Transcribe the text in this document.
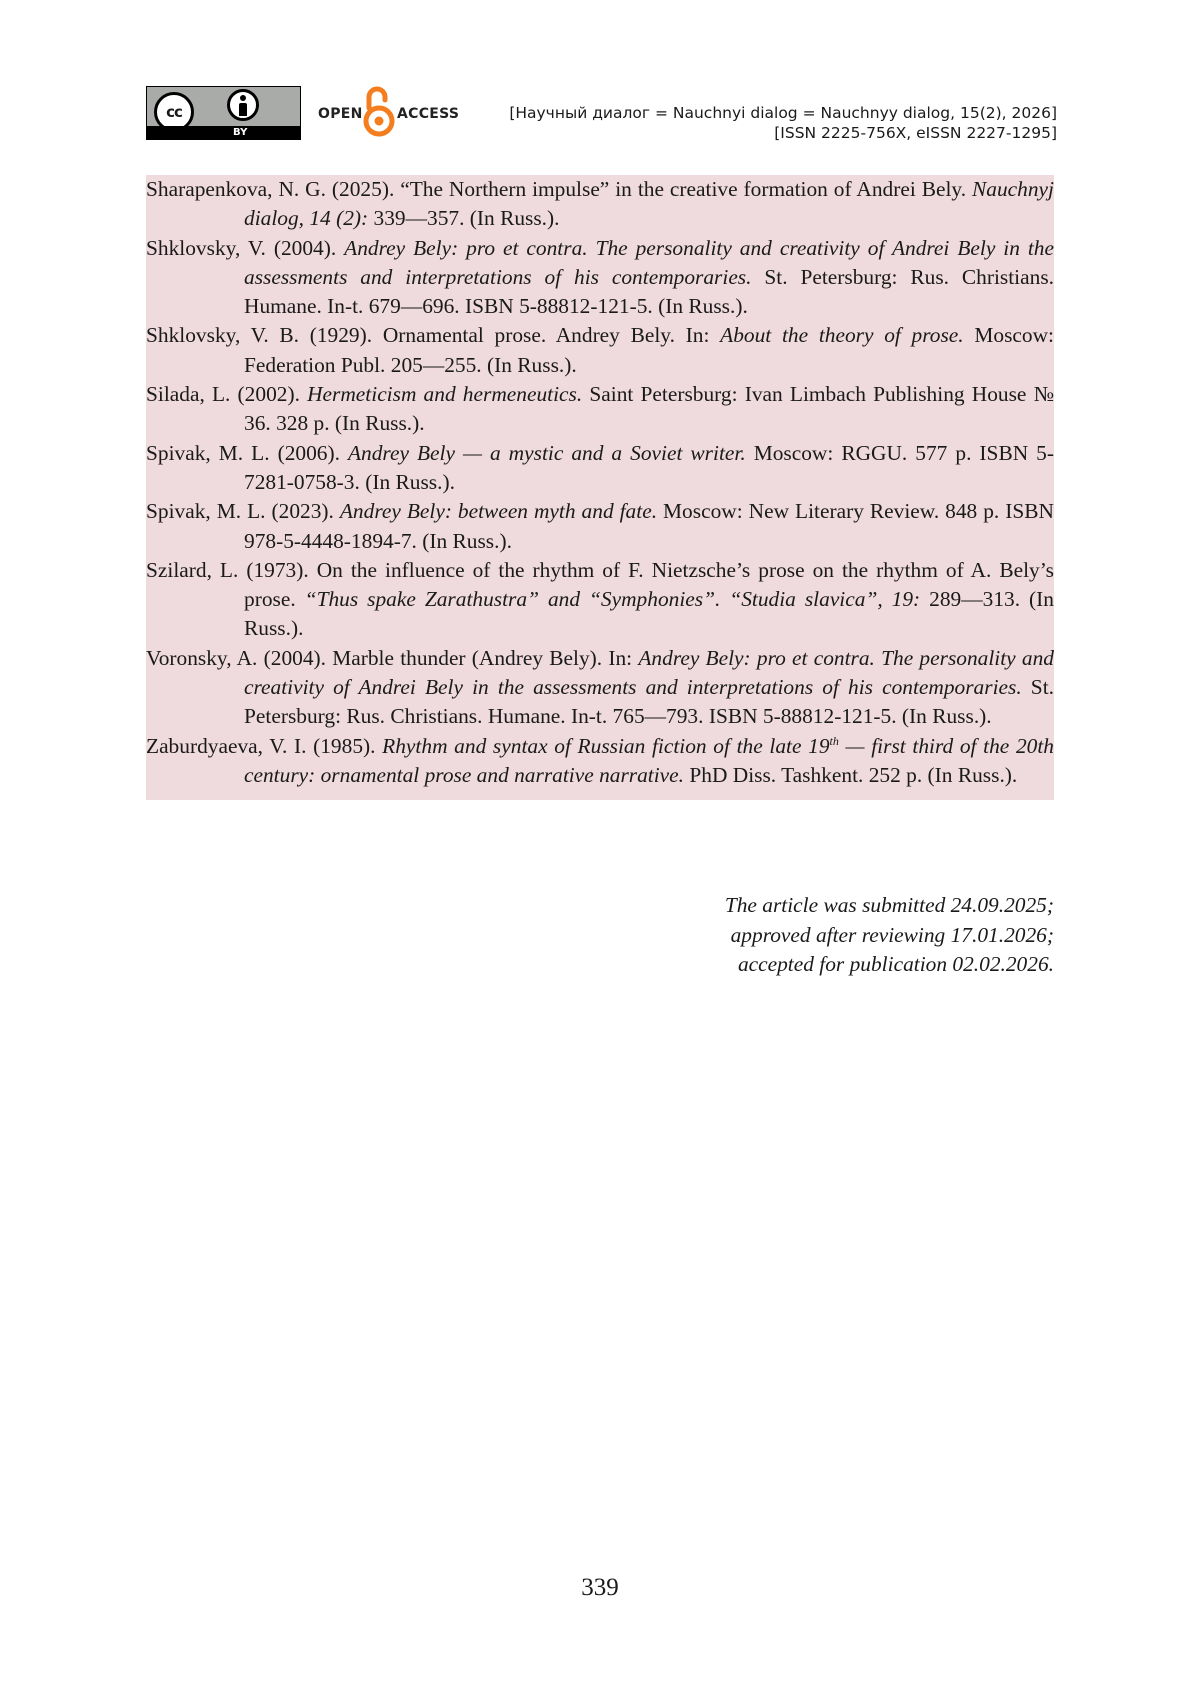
cc
BY
OPEN ACCESS	[Научный диалог = Nauchnyi dialog = Nauchnyy dialog, 15(2), 2026]
[ISSN 2225-756X, eISSN 2227-1295]
Sharapenkova, N. G. (2025). “The Northern impulse” in the creative formation of Andrei Bely. Nauchnyj dialog, 14 (2): 339—357. (In Russ.).
Shklovsky, V. (2004). Andrey Bely: pro et contra. The personality and creativity of Andrei Bely in the assessments and interpretations of his contemporaries. St. Petersburg: Rus. Christians. Humane. In-t. 679—696. ISBN 5-88812-121-5. (In Russ.).
Shklovsky, V. B. (1929). Ornamental prose. Andrey Bely. In: About the theory of prose. Moscow: Federation Publ. 205—255. (In Russ.).
Silada, L. (2002). Hermeticism and hermeneutics. Saint Petersburg: Ivan Limbach Publishing House № 36. 328 p. (In Russ.).
Spivak, M. L. (2006). Andrey Bely — a mystic and a Soviet writer. Moscow: RGGU. 577 p. ISBN 5-7281-0758-3. (In Russ.).
Spivak, M. L. (2023). Andrey Bely: between myth and fate. Moscow: New Literary Review. 848 p. ISBN 978-5-4448-1894-7. (In Russ.).
Szilard, L. (1973). On the influence of the rhythm of F. Nietzsche’s prose on the rhythm of A. Bely’s prose. “Thus spake Zarathustra” and “Symphonies”. “Studia slavica”, 19: 289—313. (In Russ.).
Voronsky, A. (2004). Marble thunder (Andrey Bely). In: Andrey Bely: pro et contra. The personality and creativity of Andrei Bely in the assessments and interpretations of his contemporaries. St. Petersburg: Rus. Christians. Humane. In-t. 765—793. ISBN 5-88812-121-5. (In Russ.).
Zaburdyaeva, V. I. (1985). Rhythm and syntax of Russian fiction of the late 19th — first third of the 20th century: ornamental prose and narrative narrative. PhD Diss. Tashkent. 252 p. (In Russ.).
The article was submitted 24.09.2025;
approved after reviewing 17.01.2026;
accepted for publication 02.02.2026.
339
